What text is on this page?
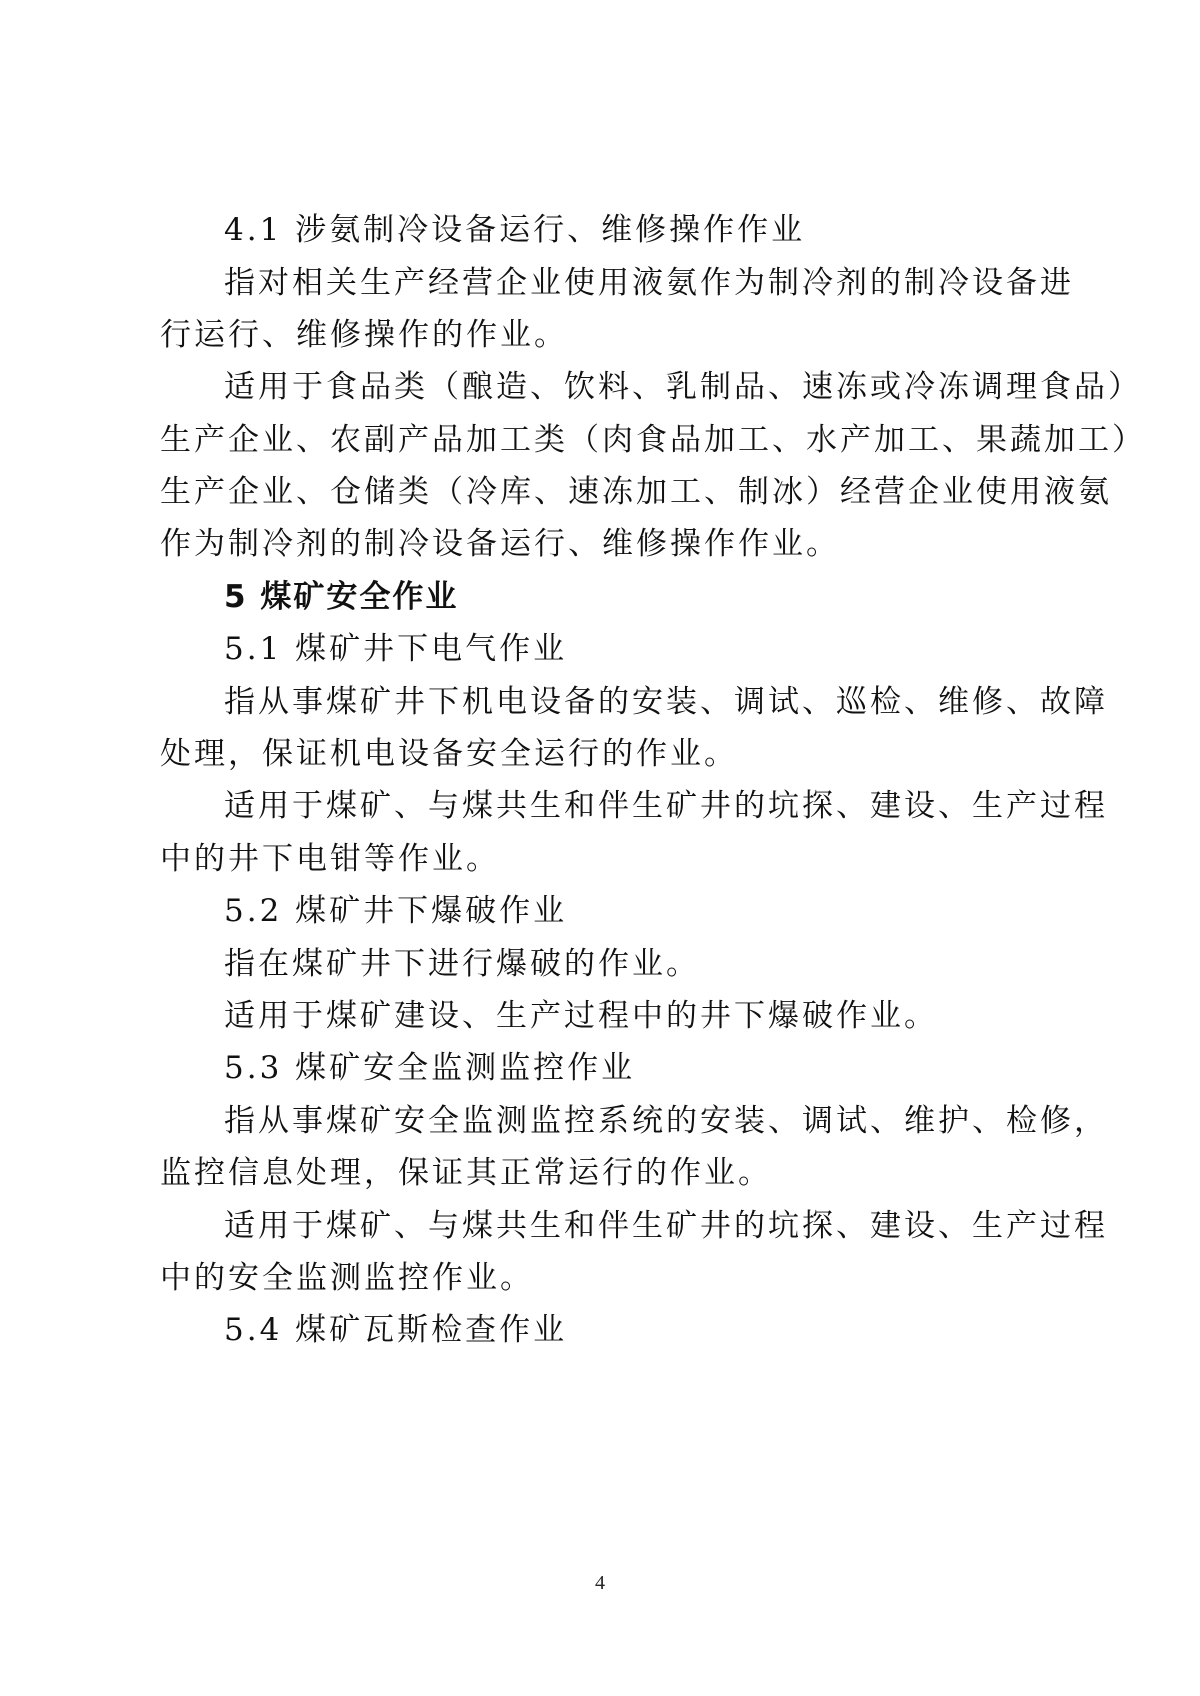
4.1 涉氨制冷设备运行、维修操作作业
指对相关生产经营企业使用液氨作为制冷剂的制冷设备进
行运行、维修操作的作业。
适用于食品类（酿造、饮料、乳制品、速冻或冷冻调理食品）
生产企业、农副产品加工类（肉食品加工、水产加工、果蔬加工）
生产企业、仓储类（冷库、速冻加工、制冰）经营企业使用液氨
作为制冷剂的制冷设备运行、维修操作作业。
5 煤矿安全作业
5.1 煤矿井下电气作业
指从事煤矿井下机电设备的安装、调试、巡检、维修、故障
处理，保证机电设备安全运行的作业。
适用于煤矿、与煤共生和伴生矿井的坑探、建设、生产过程
中的井下电钳等作业。
5.2 煤矿井下爆破作业
指在煤矿井下进行爆破的作业。
适用于煤矿建设、生产过程中的井下爆破作业。
5.3 煤矿安全监测监控作业
指从事煤矿安全监测监控系统的安装、调试、维护、检修，
监控信息处理，保证其正常运行的作业。
适用于煤矿、与煤共生和伴生矿井的坑探、建设、生产过程
中的安全监测监控作业。
5.4 煤矿瓦斯检查作业
4
